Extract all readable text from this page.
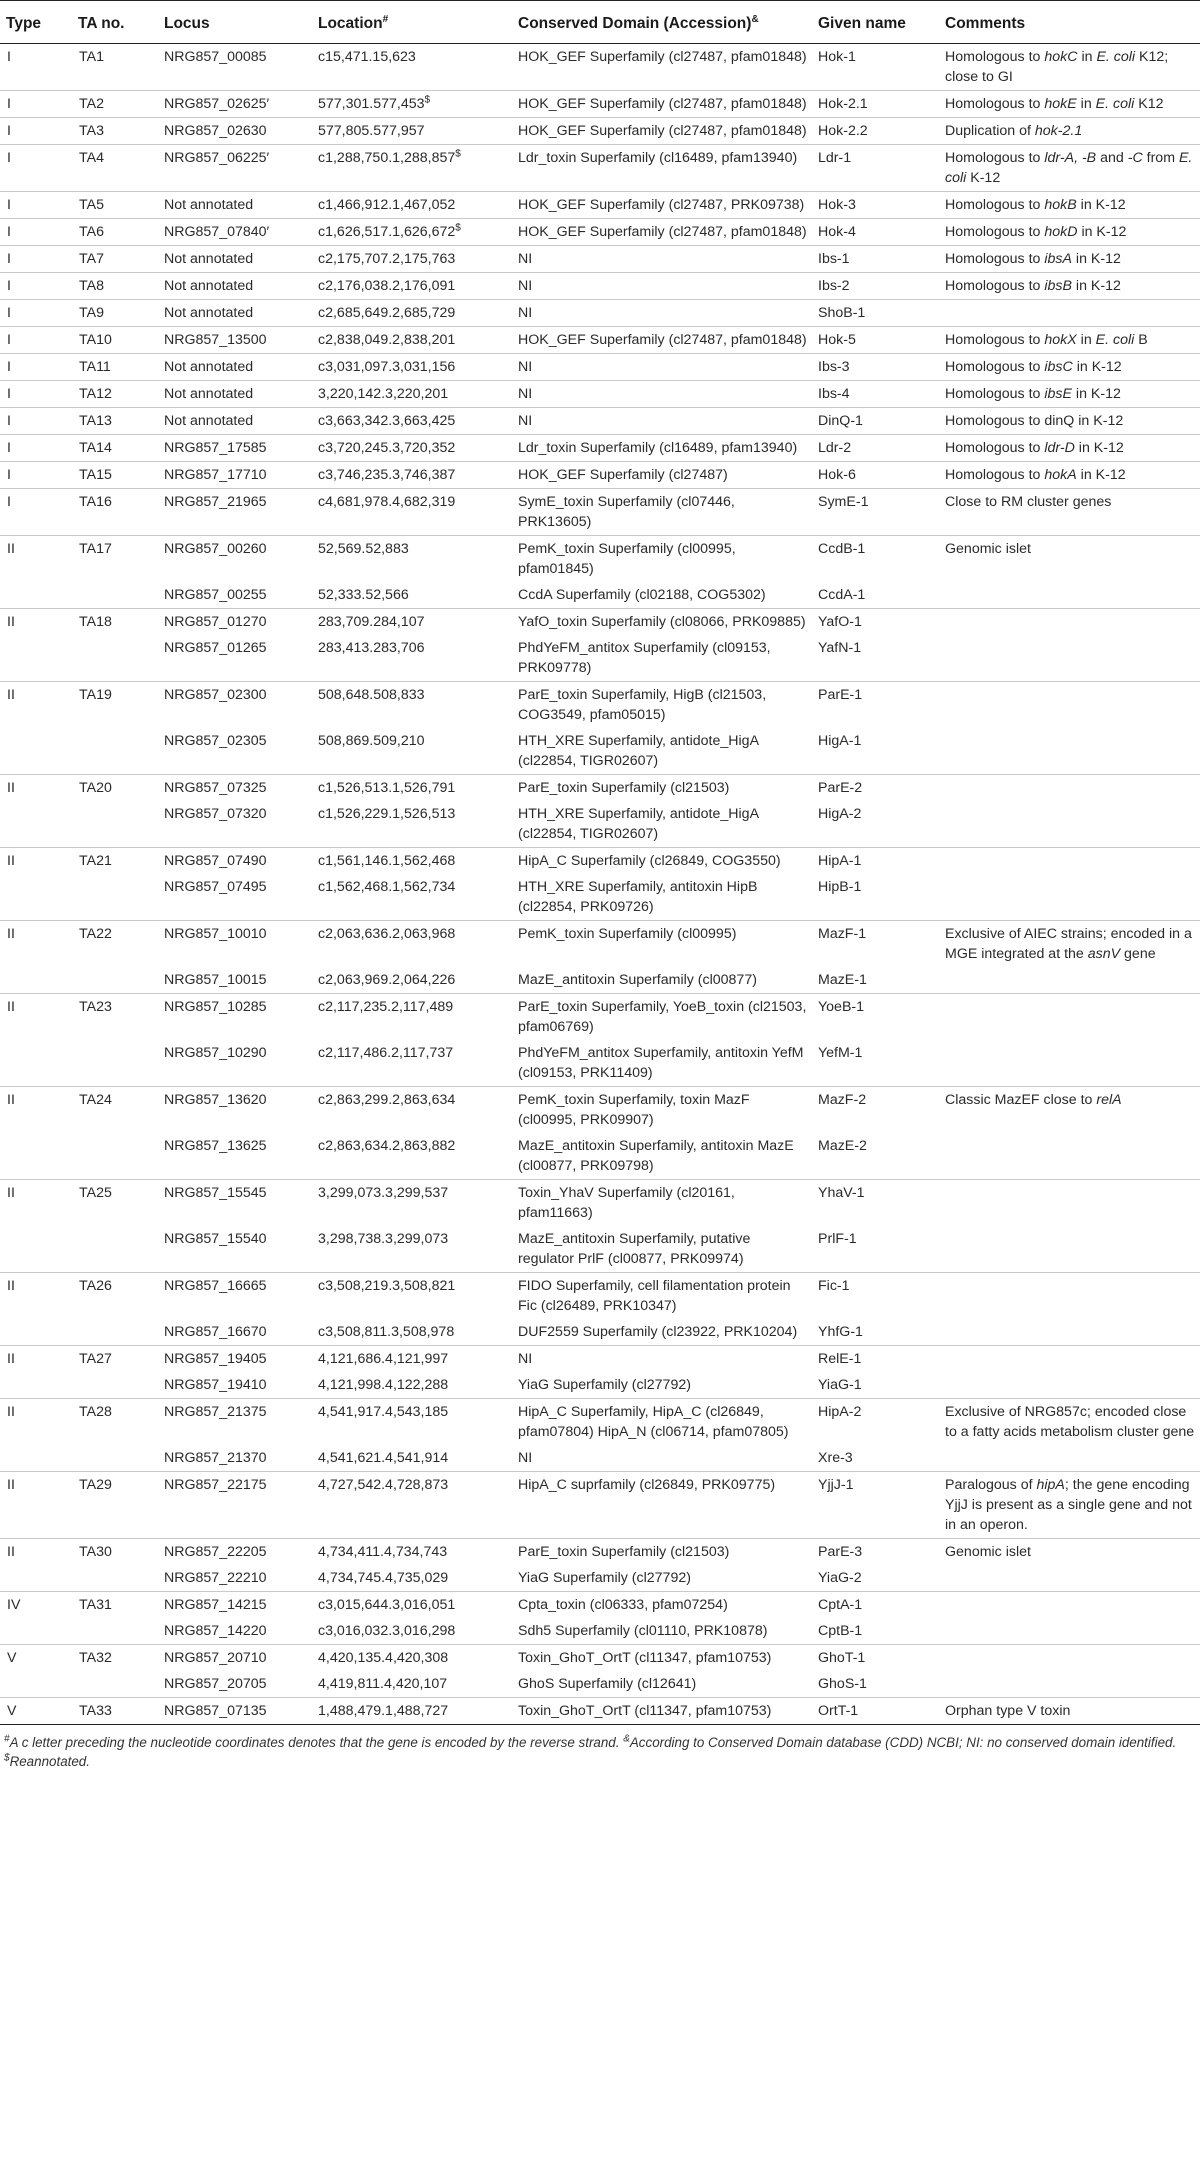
Type	TA no.	Locus	Location#	Conserved Domain (Accession)&	Given name	Comments
I	TA1	NRG857_00085	c15,471.15,623	HOK_GEF Superfamily (cl27487, pfam01848)	Hok-1	Homologous to hokC in E. coli K12; close to GI
I	TA2	NRG857_02625′	577,301.577,453$	HOK_GEF Superfamily (cl27487, pfam01848)	Hok-2.1	Homologous to hokE in E. coli K12
I	TA3	NRG857_02630	577,805.577,957	HOK_GEF Superfamily (cl27487, pfam01848)	Hok-2.2	Duplication of hok-2.1
I	TA4	NRG857_06225′	c1,288,750.1,288,857$	Ldr_toxin Superfamily (cl16489, pfam13940)	Ldr-1	Homologous to ldr-A, -B and -C from E. coli K-12
I	TA5	Not annotated	c1,466,912.1,467,052	HOK_GEF Superfamily (cl27487, PRK09738)	Hok-3	Homologous to hokB in K-12
I	TA6	NRG857_07840′	c1,626,517.1,626,672$	HOK_GEF Superfamily (cl27487, pfam01848)	Hok-4	Homologous to hokD in K-12
I	TA7	Not annotated	c2,175,707.2,175,763	NI	Ibs-1	Homologous to ibsA in K-12
I	TA8	Not annotated	c2,176,038.2,176,091	NI	Ibs-2	Homologous to ibsB in K-12
I	TA9	Not annotated	c2,685,649.2,685,729	NI	ShoB-1	
I	TA10	NRG857_13500	c2,838,049.2,838,201	HOK_GEF Superfamily (cl27487, pfam01848)	Hok-5	Homologous to hokX in E. coli B
I	TA11	Not annotated	c3,031,097.3,031,156	NI	Ibs-3	Homologous to ibsC in K-12
I	TA12	Not annotated	3,220,142.3,220,201	NI	Ibs-4	Homologous to ibsE in K-12
I	TA13	Not annotated	c3,663,342.3,663,425	NI	DinQ-1	Homologous to dinQ in K-12
I	TA14	NRG857_17585	c3,720,245.3,720,352	Ldr_toxin Superfamily (cl16489, pfam13940)	Ldr-2	Homologous to ldr-D in K-12
I	TA15	NRG857_17710	c3,746,235.3,746,387	HOK_GEF Superfamily (cl27487)	Hok-6	Homologous to hokA in K-12
I	TA16	NRG857_21965	c4,681,978.4,682,319	SymE_toxin Superfamily (cl07446, PRK13605)	SymE-1	Close to RM cluster genes
II	TA17	NRG857_00260	52,569.52,883	PemK_toxin Superfamily (cl00995, pfam01845)	CcdB-1	Genomic islet
		NRG857_00255	52,333.52,566	CcdA Superfamily (cl02188, COG5302)	CcdA-1	
II	TA18	NRG857_01270	283,709.284,107	YafO_toxin Superfamily (cl08066, PRK09885)	YafO-1	
		NRG857_01265	283,413.283,706	PhdYeFM_antitox Superfamily (cl09153, PRK09778)	YafN-1	
II	TA19	NRG857_02300	508,648.508,833	ParE_toxin Superfamily, HigB (cl21503, COG3549, pfam05015)	ParE-1	
		NRG857_02305	508,869.509,210	HTH_XRE Superfamily, antidote_HigA (cl22854, TIGR02607)	HigA-1	
II	TA20	NRG857_07325	c1,526,513.1,526,791	ParE_toxin Superfamily (cl21503)	ParE-2	
		NRG857_07320	c1,526,229.1,526,513	HTH_XRE Superfamily, antidote_HigA (cl22854, TIGR02607)	HigA-2	
II	TA21	NRG857_07490	c1,561,146.1,562,468	HipA_C Superfamily (cl26849, COG3550)	HipA-1	
		NRG857_07495	c1,562,468.1,562,734	HTH_XRE Superfamily, antitoxin HipB (cl22854, PRK09726)	HipB-1	
II	TA22	NRG857_10010	c2,063,636.2,063,968	PemK_toxin Superfamily (cl00995)	MazF-1	Exclusive of AIEC strains; encoded in a MGE integrated at the asnV gene
		NRG857_10015	c2,063,969.2,064,226	MazE_antitoxin Superfamily (cl00877)	MazE-1	
II	TA23	NRG857_10285	c2,117,235.2,117,489	ParE_toxin Superfamily, YoeB_toxin (cl21503, pfam06769)	YoeB-1	
		NRG857_10290	c2,117,486.2,117,737	PhdYeFM_antitox Superfamily, antitoxin YefM (cl09153, PRK11409)	YefM-1	
II	TA24	NRG857_13620	c2,863,299.2,863,634	PemK_toxin Superfamily, toxin MazF (cl00995, PRK09907)	MazF-2	Classic MazEF close to relA
		NRG857_13625	c2,863,634.2,863,882	MazE_antitoxin Superfamily, antitoxin MazE (cl00877, PRK09798)	MazE-2	
II	TA25	NRG857_15545	3,299,073.3,299,537	Toxin_YhaV Superfamily (cl20161, pfam11663)	YhaV-1	
		NRG857_15540	3,298,738.3,299,073	MazE_antitoxin Superfamily, putative regulator PrlF (cl00877, PRK09974)	PrlF-1	
II	TA26	NRG857_16665	c3,508,219.3,508,821	FIDO Superfamily, cell filamentation protein Fic (cl26489, PRK10347)	Fic-1	
		NRG857_16670	c3,508,811.3,508,978	DUF2559 Superfamily (cl23922, PRK10204)	YhfG-1	
II	TA27	NRG857_19405	4,121,686.4,121,997	NI	RelE-1	
		NRG857_19410	4,121,998.4,122,288	YiaG Superfamily (cl27792)	YiaG-1	
II	TA28	NRG857_21375	4,541,917.4,543,185	HipA_C Superfamily, HipA_C (cl26849, pfam07804) HipA_N (cl06714, pfam07805)	HipA-2	Exclusive of NRG857c; encoded close to a fatty acids metabolism cluster gene
		NRG857_21370	4,541,621.4,541,914	NI	Xre-3	
II	TA29	NRG857_22175	4,727,542.4,728,873	HipA_C suprfamily (cl26849, PRK09775)	YjjJ-1	Paralogous of hipA; the gene encoding YjjJ is present as a single gene and not in an operon.
II	TA30	NRG857_22205	4,734,411.4,734,743	ParE_toxin Superfamily (cl21503)	ParE-3	Genomic islet
		NRG857_22210	4,734,745.4,735,029	YiaG Superfamily (cl27792)	YiaG-2	
IV	TA31	NRG857_14215	c3,015,644.3,016,051	Cpta_toxin (cl06333, pfam07254)	CptA-1	
		NRG857_14220	c3,016,032.3,016,298	Sdh5 Superfamily (cl01110, PRK10878)	CptB-1	
V	TA32	NRG857_20710	4,420,135.4,420,308	Toxin_GhoT_OrtT (cl11347, pfam10753)	GhoT-1	
		NRG857_20705	4,419,811.4,420,107	GhoS Superfamily (cl12641)	GhoS-1	
V	TA33	NRG857_07135	1,488,479.1,488,727	Toxin_GhoT_OrtT (cl11347, pfam10753)	OrtT-1	Orphan type V toxin
#A c letter preceding the nucleotide coordinates denotes that the gene is encoded by the reverse strand. &According to Conserved Domain database (CDD) NCBI; NI: no conserved domain identified. $Reannotated.
